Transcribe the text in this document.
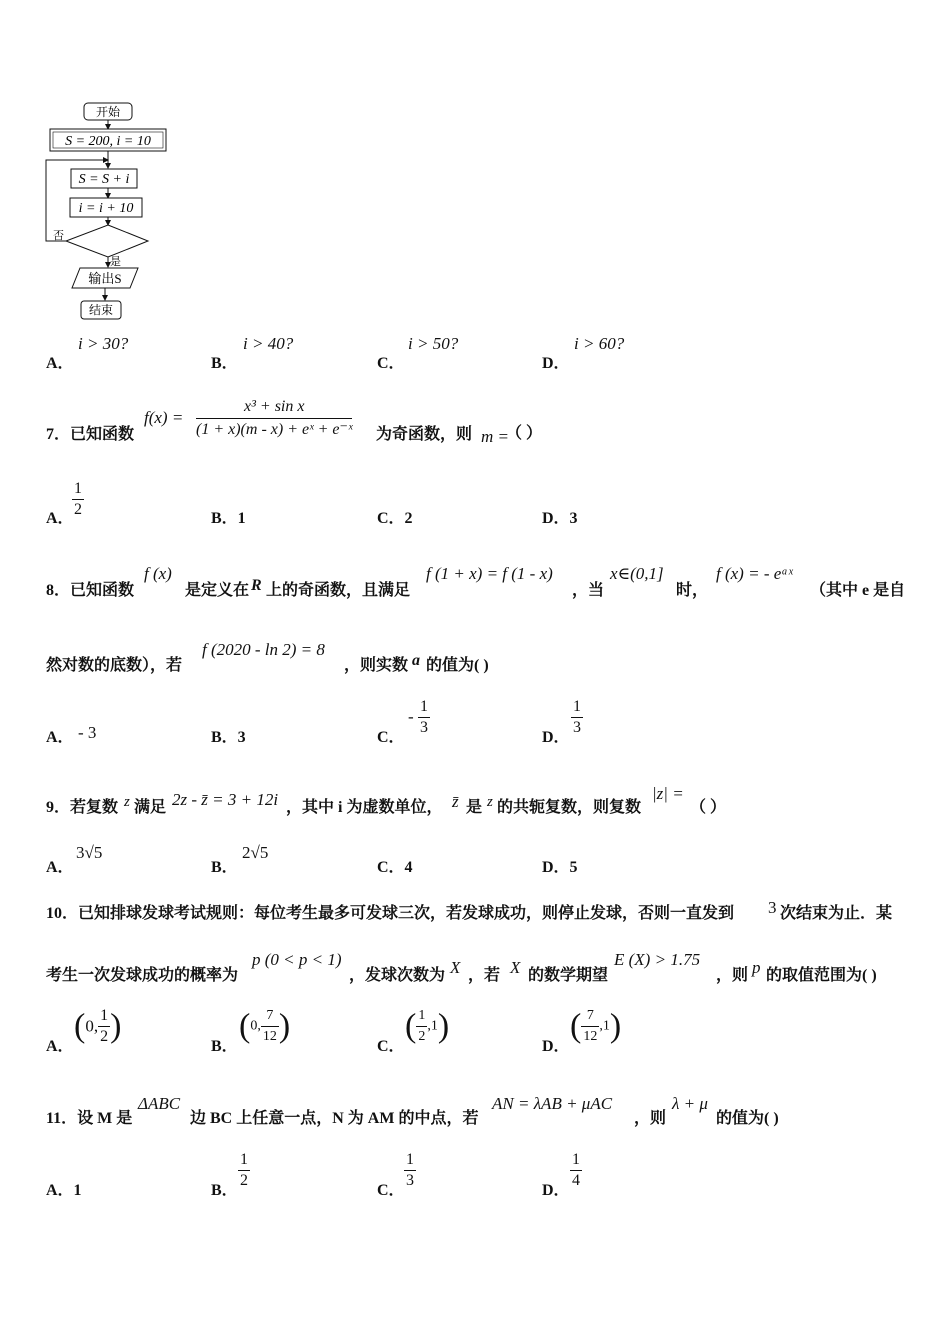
开始
S = 200, i = 10
S = S + i
i = i + 10
否
是
输出S
结束
A．
i > 30?
B．
i > 40?
C．
i > 50?
D．
i > 60?
7．已知函数
$f(x) = \frac{\text{x³ + sin x}}{\text{(1 + x)(m - x) + eˣ + e⁻ˣ}}$ 为奇函数，则 m =
（ ）
A．
$\frac{1}{2}$	B．1	C．2	D．3
8．已知函数
f (x)
是定义在 R 上的奇函数，且满足
f (1 + x) = f (1 - x)
，当
x∈(0,1]
时，
f (x) = - eᵃˣ
（其中 e 是自
然对数的底数），若
f (2020 - ln 2) = 8
，则实数 a 的值为( )
A． - 3	B．3	C．
- $\frac{1}{3}$	D． $\frac{1}{3}$
9．若复数 z 满足 2z - z̄ = 3 + 12i ，其中 i 为虚数单位， z̄ 是 z 的共轭复数，则复数
|z| =
（ ）
A．
3√5
B．
2√5
C．4	D．5
10．已知排球发球考试规则：每位考生最多可发球三次，若发球成功，则停止发球，否则一直发到 3 次结束为止．某
考生一次发球成功的概率为
p (0 < p < 1)
，发球次数为 X ，若 X 的数学期望
E (X) > 1.75
，则 p 的取值范围为( )
A．
(0, $\frac{1}{2}$ )
B．
(0, $\frac{7}{12}$ )
C．
( $\frac{1}{2} ,1$)
D．
( $\frac{7}{12} ,1$)
11．设 M 是
ΔABC
边 BC 上任意一点，N 为 AM 的中点，若
AN = λAB + μAC
，则
λ + μ
的值为( )
A．1	B． $\frac{1}{2}$	C． $\frac{1}{3}$	D． $\frac{1}{4}$
